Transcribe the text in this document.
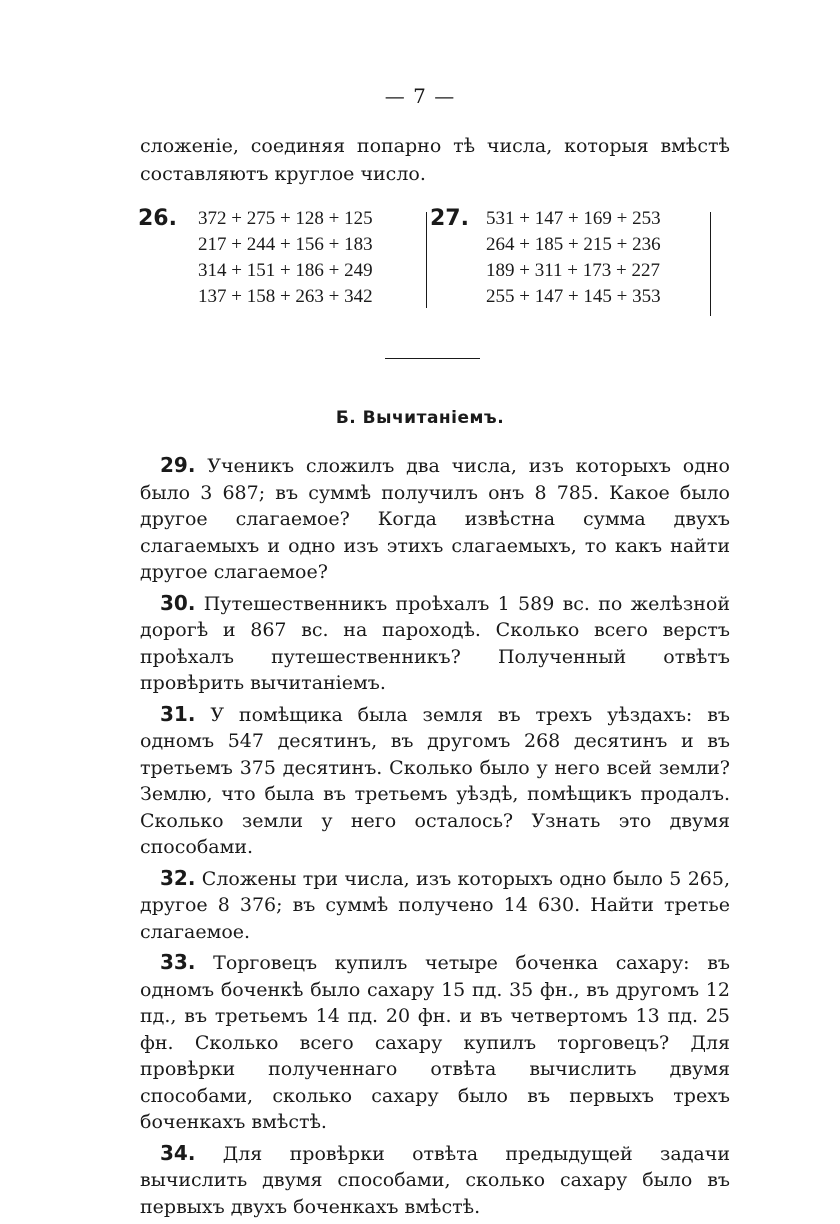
— 7 —

сложенiе, соединяя попарно тѣ числа, которыя вмѣстѣ составляютъ круглое число.

26. 372 + 275 + 128 + 125
217 + 244 + 156 + 183
314 + 151 + 186 + 249
137 + 158 + 263 + 342
27. 531 + 147 + 169 + 253
264 + 185 + 215 + 236
189 + 311 + 173 + 227
255 + 147 + 145 + 353
Б. Вычитанiемъ.

29. Ученикъ сложилъ два числа, изъ которыхъ одно было 3 687; въ суммѣ получилъ онъ 8 785. Какое было другое слагаемое? Когда извѣстна сумма двухъ слагаемыхъ и одно изъ этихъ слагаемыхъ, то какъ найти другое слагаемое?

30. Путешественникъ проѣхалъ 1 589 вс. по желѣзной дорогѣ и 867 вс. на пароходѣ. Сколько всего верстъ проѣхалъ путешественникъ? Полученный отвѣтъ провѣрить вычитанiемъ.

31. У помѣщика была земля въ трехъ уѣздахъ: въ одномъ 547 десятинъ, въ другомъ 268 десятинъ и въ третьемъ 375 десятинъ. Сколько было у него всей земли? Землю, что была въ третьемъ уѣздѣ, помѣщикъ продалъ. Сколько земли у него осталось? Узнать это двумя способами.

32. Сложены три числа, изъ которыхъ одно было 5 265, другое 8 376; въ суммѣ получено 14 630. Найти третье слагаемое.

33. Торговецъ купилъ четыре боченка сахару: въ одномъ боченкѣ было сахару 15 пд. 35 фн., въ другомъ 12 пд., въ третьемъ 14 пд. 20 фн. и въ четвертомъ 13 пд. 25 фн. Сколько всего сахару купилъ торговецъ? Для провѣрки полученнаго отвѣта вычислить двумя способами, сколько сахару было въ первыхъ трехъ боченкахъ вмѣстѣ.

34. Для провѣрки отвѣта предыдущей задачи вычислить двумя способами, сколько сахару было въ первыхъ двухъ боченкахъ вмѣстѣ.
